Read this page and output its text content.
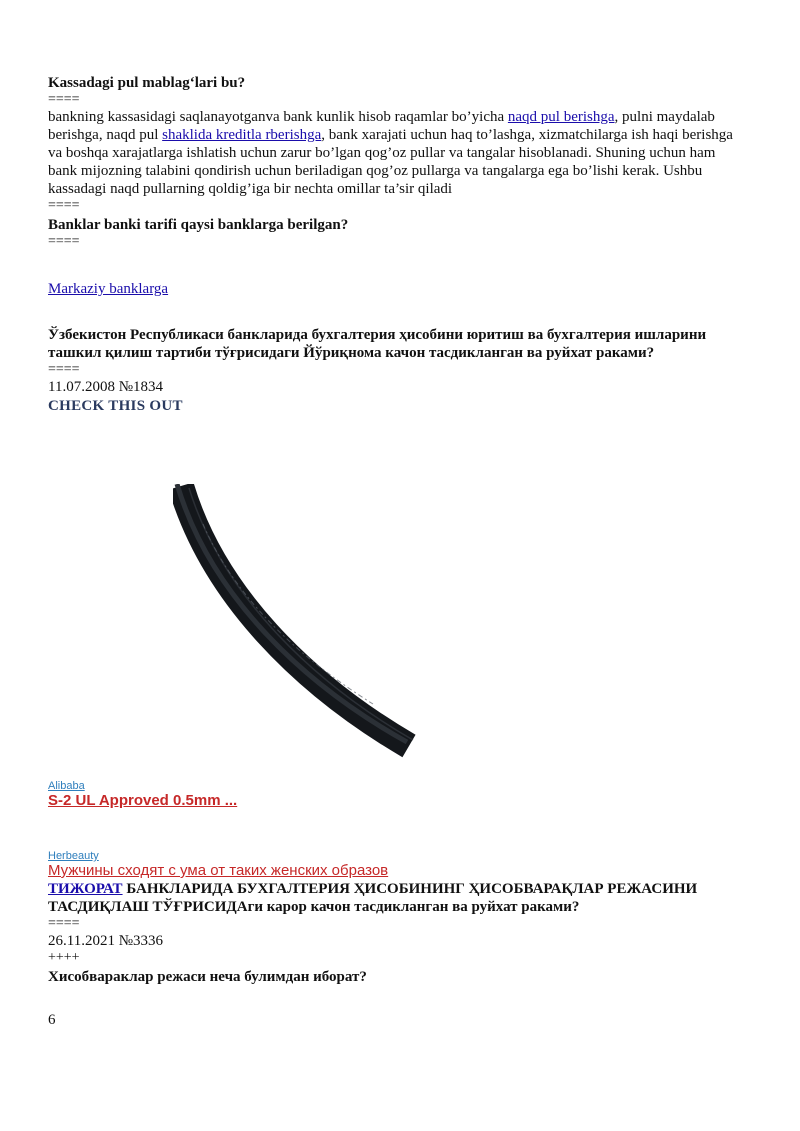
Kassadagi pul mablag‘lari bu?

====

bankning kassasidagi saqlanayotganva bank kunlik hisob raqamlar bo’yicha naqd pul berishga, pulni maydalab berishga, naqd pul shaklida kreditla rberishga, bank xarajati uchun haq to’lashga, xizmatchilarga ish haqi berishga va boshqa xarajatlarga ishlatish uchun zarur bo’lgan qog’oz pullar va tangalar hisoblanadi. Shuning uchun ham bank mijozning talabini qondirish uchun beriladigan qog’oz pullarga va tangalarga ega bo’lishi kerak. Ushbu kassadagi naqd pullarning qoldig’iga bir nechta omillar ta’sir qiladi

====

Banklar banki tarifi qaysi banklarga berilgan?

====

Markaziy banklarga

Ўзбекистон Республикаси банкларида бухгалтерия ҳисобини юритиш ва бухгалтерия ишларини ташкил қилиш тартиби тўғрисидаги Йўриқнома качон тасдикланган ва руйхат раками?

====

11.07.2008 №1834

CHECK THIS OUT

Alibaba

S-2 UL Approved 0.5mm ...

Herbeauty

Мужчины сходят с ума от таких женских образов

ТИЖОРАТ БАНКЛАРИДА БУХГАЛТЕРИЯ ҲИСОБИНИНГ ҲИСОБВАРАҚЛАР РЕЖАСИНИ ТАСДИҚЛАШ ТЎҒРИСИДАги карор качон тасдикланган ва руйхат раками?

====

26.11.2021 №3336

++++

Хисобвараклар режаси неча булимдан иборат?

6
